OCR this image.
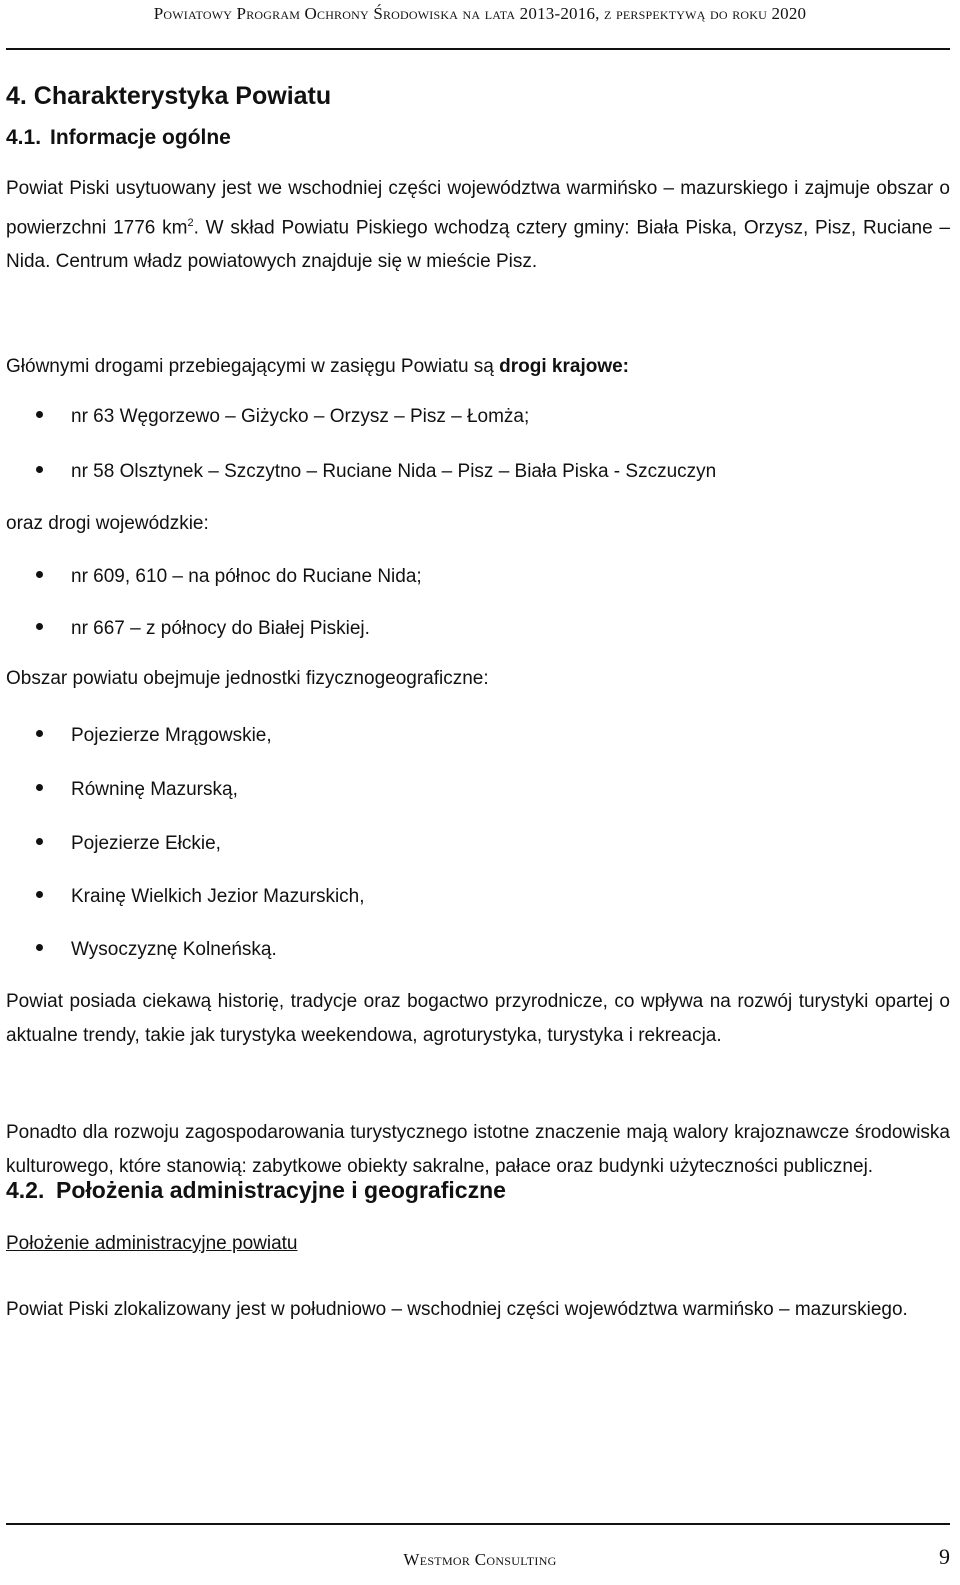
Powiatowy Program Ochrony Środowiska na lata 2013-2016, z perspektywą do roku 2020
4. Charakterystyka Powiatu
4.1. Informacje ogólne

Powiat Piski usytuowany jest we wschodniej części województwa warmińsko – mazurskiego i zajmuje obszar o powierzchni 1776 $km^2$. W skład Powiatu Piskiego wchodzą cztery gminy: Biała Piska, Orzysz, Pisz, Ruciane – Nida. Centrum władz powiatowych znajduje się w mieście Pisz.

Głównymi drogami przebiegającymi w zasięgu Powiatu są drogi krajowe:

nr 63 Węgorzewo – Giżycko – Orzysz – Pisz – Łomża;
nr 58 Olsztynek – Szczytno – Ruciane Nida – Pisz – Biała Piska - Szczuczyn

oraz drogi wojewódzkie:

nr 609, 610 – na północ do Ruciane Nida;
nr 667 – z północy do Białej Piskiej.

Obszar powiatu obejmuje jednostki fizycznogeograficzne:

Pojezierze Mrągowskie,
Równinę Mazurską,
Pojezierze Ełckie,
Krainę Wielkich Jezior Mazurskich,
Wysoczyznę Kolneńską.

Powiat posiada ciekawą historię, tradycje oraz bogactwo przyrodnicze, co wpływa na rozwój turystyki opartej o aktualne trendy, takie jak turystyka weekendowa, agroturystyka, turystyka i rekreacja.

Ponadto dla rozwoju zagospodarowania turystycznego istotne znaczenie mają walory krajoznawcze środowiska kulturowego, które stanowią: zabytkowe obiekty sakralne, pałace oraz budynki użyteczności publicznej.

4.2. Położenia administracyjne i geograficzne
Położenie administracyjne powiatu

Powiat Piski zlokalizowany jest w południowo – wschodniej części województwa warmińsko – mazurskiego.

Westmor Consulting	9
